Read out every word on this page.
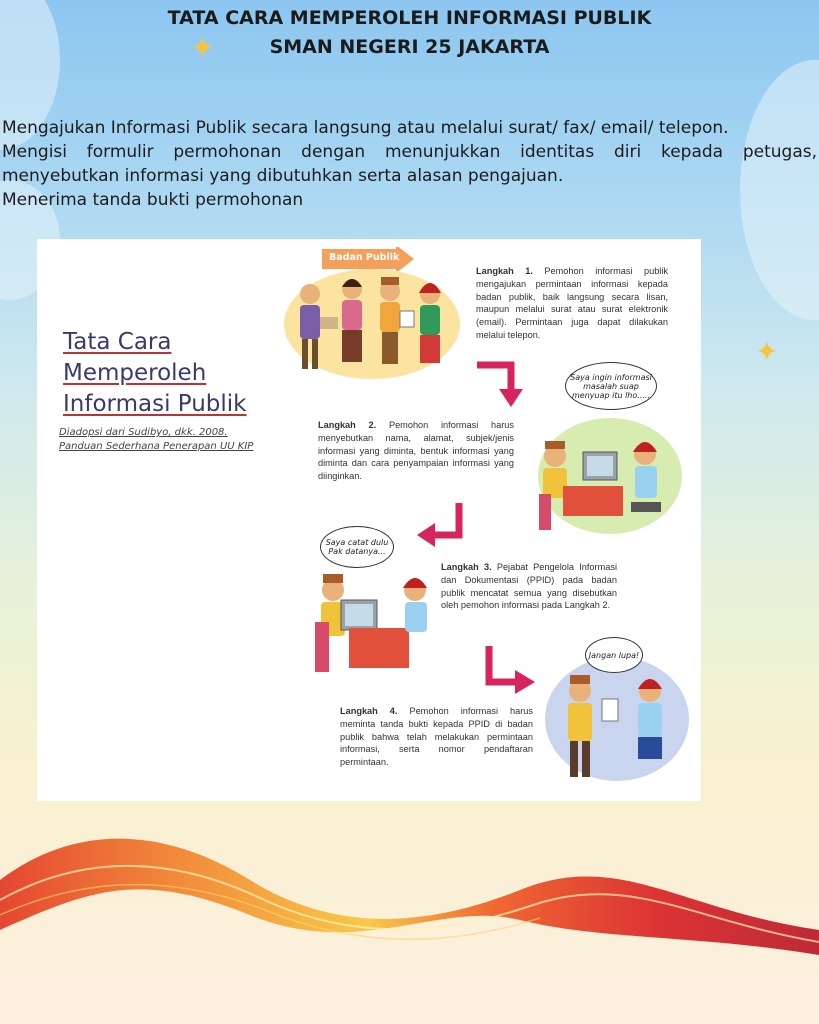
✦
✦
TATA CARA MEMPEROLEH INFORMASI PUBLIK
SMAN NEGERI 25 JAKARTA
Mengajukan Informasi Publik secara langsung atau melalui surat/ fax/ email/ telepon.
Mengisi formulir permohonan dengan menunjukkan identitas diri kepada petugas, menyebutkan informasi yang dibutuhkan serta alasan pengajuan.
Menerima tanda bukti permohonan
Tata Cara
Memperoleh
Informasi Publik
Diadopsi dari Sudibyo, dkk. 2008.
Panduan Sederhana Penerapan UU KIP
Badan Publik
Saya ingin informasi masalah suap menyuap itu lho.....
Saya catat dulu Pak datanya...
Jangan lupa!
Langkah 1. Pemohon informasi publik mengajukan permintaan informasi kepada badan publik, baik langsung secara lisan, maupun melalui surat atau surat elektronik (email). Permintaan juga dapat dilakukan melalui telepon.
Langkah 2. Pemohon informasi harus menyebutkan nama, alamat, subjek/jenis informasi yang diminta, bentuk informasi yang diminta dan cara penyampaian informasi yang diinginkan.
Langkah 3. Pejabat Pengelola Informasi dan Dokumentasi (PPID) pada badan publik mencatat semua yang disebutkan oleh pemohon informasi pada Langkah 2.
Langkah 4. Pemohon informasi harus meminta tanda bukti kepada PPID di badan publik bahwa telah melakukan permintaan informasi, serta nomor pendaftaran permintaan.
